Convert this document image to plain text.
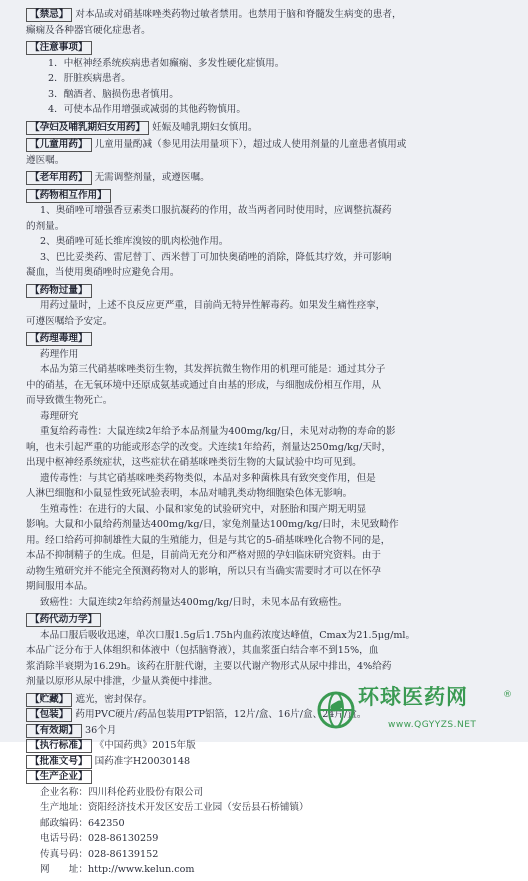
【禁忌】 对本品或对硝基咪唑类药物过敏者禁用。也禁用于脑和脊髓发生病变的患者，
癫痫及各种器官硬化症患者。
【注意事项】
1．中枢神经系统疾病患者如癫痫、多发性硬化症慎用。
2．肝脏疾病患者。
3．酗酒者、脑损伤患者慎用。
4．可使本品作用增强或减弱的其他药物慎用。
【孕妇及哺乳期妇女用药】 妊娠及哺乳期妇女慎用。
【儿童用药】 儿童用量酌减（参见用法用量项下），超过成人使用剂量的儿童患者慎用或
遵医嘱。
【老年用药】 无需调整剂量，或遵医嘱。
【药物相互作用】
1、奥硝唑可增强香豆素类口服抗凝药的作用，故当两者同时使用时，应调整抗凝药
的剂量。
2、奥硝唑可延长维库溴铵的肌肉松弛作用。
3、巴比妥类药、雷尼替丁、西米替丁可加快奥硝唑的消除，降低其疗效，并可影响
凝血，当使用奥硝唑时应避免合用。
【药物过量】
用药过量时，上述不良反应更严重，目前尚无特异性解毒药。如果发生痛性痉挛，
可遵医嘱给予安定。
【药理毒理】
药理作用
本品为第三代硝基咪唑类衍生物，其发挥抗微生物作用的机理可能是：通过其分子
中的硝基，在无氧环境中还原成氨基或通过自由基的形成，与细胞成份相互作用，从
而导致微生物死亡。
毒理研究
重复给药毒性：大鼠连续2年给予本品剂量为400mg/kg/日，未见对动物的寿命的影
响，也未引起严重的功能或形态学的改变。犬连续1年给药，剂量达250mg/kg/天时，
出现中枢神经系统症状，这些症状在硝基咪唑类衍生物的大鼠试验中均可见到。
遗传毒性：与其它硝基咪唑类药物类似，本品对多种菌株具有致突变作用，但是
人淋巴细胞和小鼠显性致死试验表明，本品对哺乳类动物细胞染色体无影响。
生殖毒性：在进行的大鼠、小鼠和家兔的试验研究中，对胚胎和围产期无明显
影响。大鼠和小鼠给药剂量达400mg/kg/日，家兔剂量达100mg/kg/日时，未见致畸作
用。经口给药可抑制雄性大鼠的生殖能力，但是与其它的5-硝基咪唑化合物不同的是，
本品不抑制精子的生成。但是，目前尚无充分和严格对照的孕妇临床研究资料。由于
动物生殖研究并不能完全预测药物对人的影响，所以只有当确实需要时才可以在怀孕
期间服用本品。
致癌性：大鼠连续2年给药剂量达400mg/kg/日时，未见本品有致癌性。
【药代动力学】
本品口服后吸收迅速，单次口服1.5g后1.75h内血药浓度达峰值，Cmax为21.5μg/ml。
本品广泛分布于人体组织和体液中（包括脑脊液），其血浆蛋白结合率不到15%，血
浆消除半衰期为16.29h。该药在肝脏代谢，主要以代谢产物形式从尿中排出，4%给药
剂量以原形从尿中排泄，少量从粪便中排泄。
【贮藏】 遮光，密封保存。
【包装】 药用PVC硬片/药品包装用PTP铝箔，12片/盒、16片/盒、24片/盒。
【有效期】 36个月
【执行标准】 《中国药典》2015年版
【批准文号】 国药准字H20030148
【生产企业】
企业名称：四川科伦药业股份有限公司
生产地址：资阳经济技术开发区安岳工业园（安岳县石桥铺镇）
邮政编码：642350
电话号码：028-86130259
传真号码：028-86139152
网　　址：http://www.kelun.com
环球医药网	®
www.QGYYZS.NET
